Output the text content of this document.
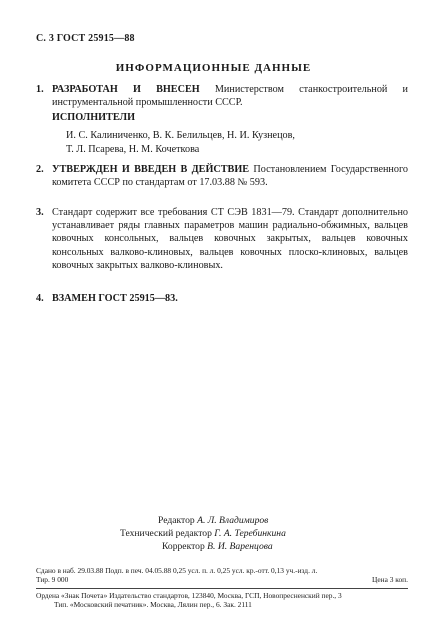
С. 3 ГОСТ 25915—88
ИНФОРМАЦИОННЫЕ ДАННЫЕ
1. РАЗРАБОТАН И ВНЕСЕН Министерством станкостроительной и инструментальной промышленности СССР.
ИСПОЛНИТЕЛИ
И. С. Калиниченко, В. К. Белильцев, Н. И. Кузнецов,
Т. Л. Псарева, Н. М. Кочеткова
2. УТВЕРЖДЕН И ВВЕДЕН В ДЕЙСТВИЕ Постановлением Государственного комитета СССР по стандартам от 17.03.88 № 593.
3. Стандарт содержит все требования СТ СЭВ 1831—79. Стандарт дополнительно устанавливает ряды главных параметров машин радиально-обжимных, вальцев ковочных консольных, вальцев ковочных закрытых, вальцев ковочных консольных валково-клиновых, вальцев ковочных плоско-клиновых, вальцев ковочных закрытых валково-клиновых.
4. ВЗАМЕН ГОСТ 25915—83.
Редактор А. Л. Владимиров
Технический редактор Г. А. Теребинкина
Корректор В. И. Варенцова
Сдано в наб. 29.03.88 Подп. в печ. 04.05.88 0,25 усл. п. л. 0,25 усл. кр.-отт. 0,13 уч.-изд. л.
Тир. 9 000	Цена 3 коп.
Ордена «Знак Почета» Издательство стандартов, 123840, Москва, ГСП, Новопресненский пер., 3
Тип. «Московский печатник». Москва, Лялин пер., 6. Зак. 2111
